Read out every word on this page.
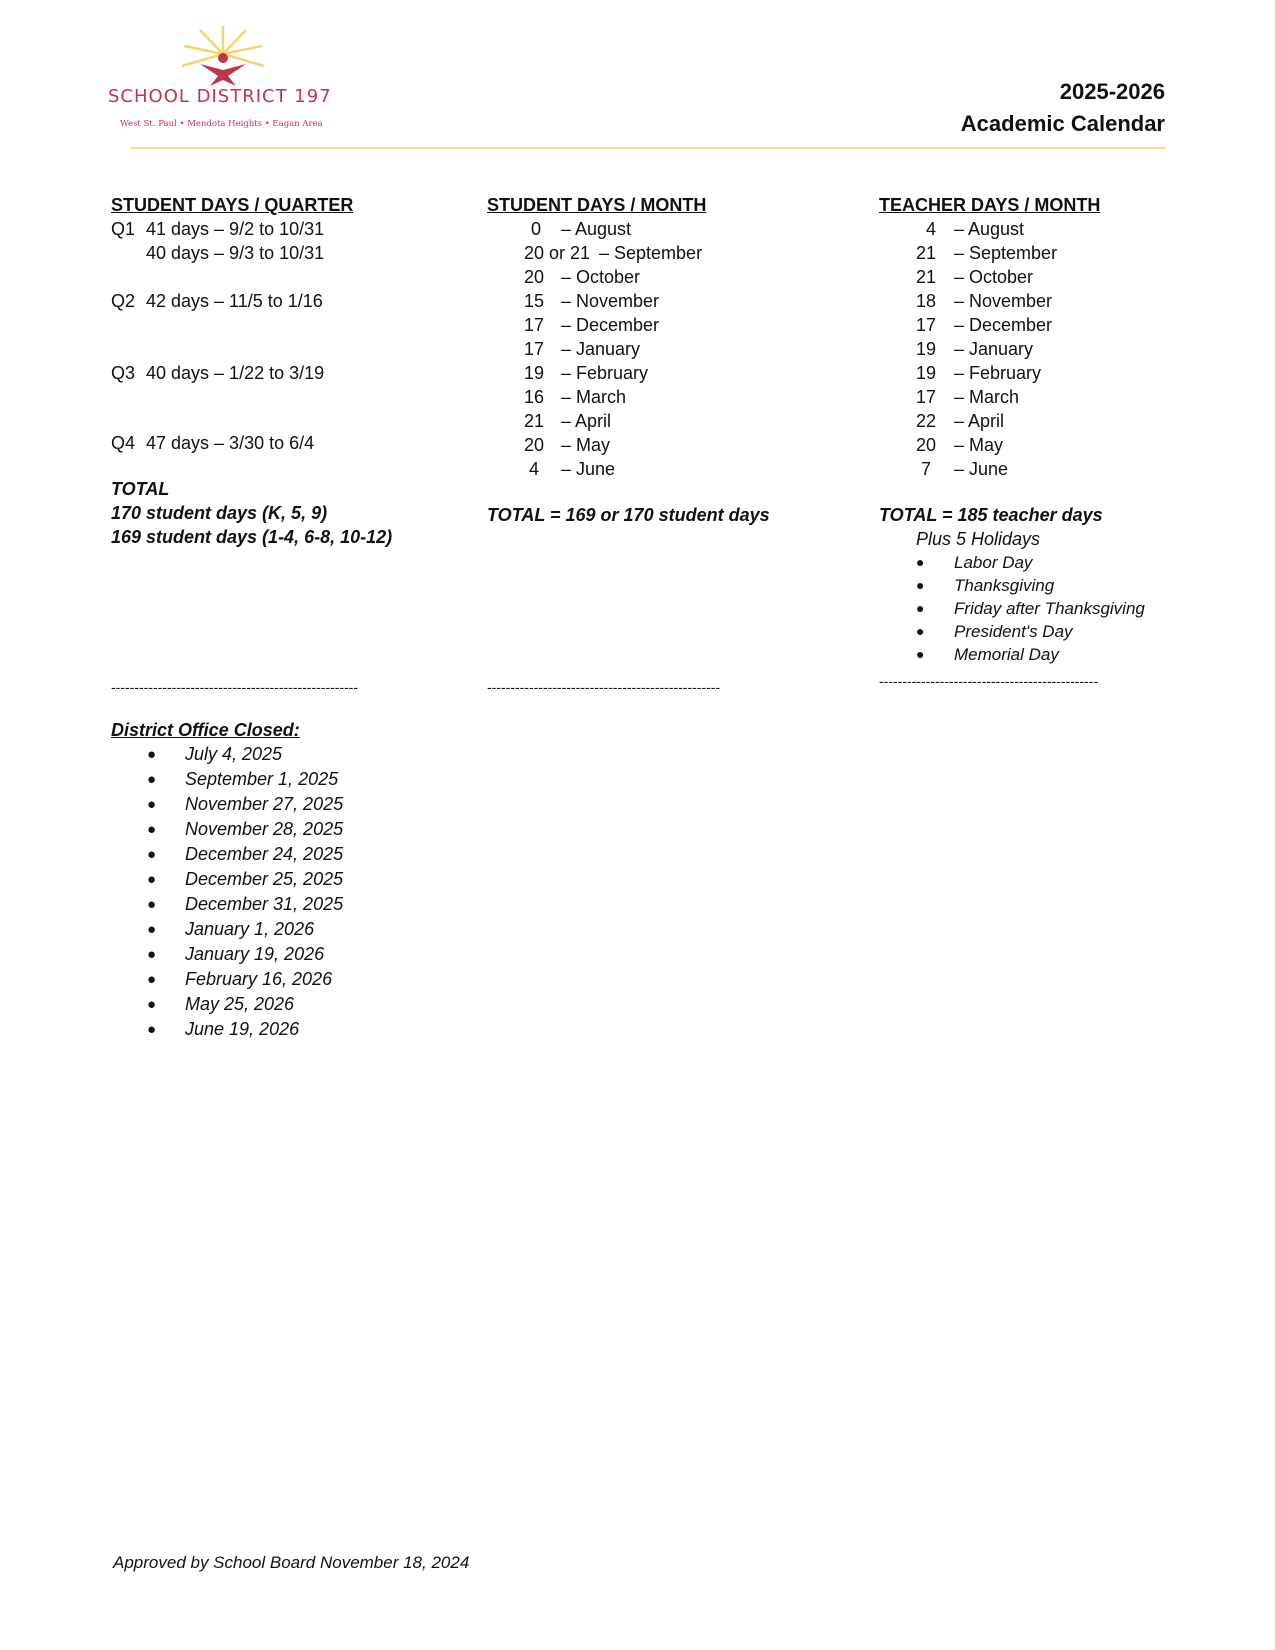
SCHOOL DISTRICT 197
West St. Paul • Mendota Heights • Eagan Area
2025-2026
Academic Calendar
STUDENT DAYS / QUARTER
Q1 41 days – 9/2 to 10/31
40 days – 9/3 to 10/31
Q2 42 days – 11/5 to 1/16
Q3 40 days – 1/22 to 3/19
Q4 47 days – 3/30 to 6/4
TOTAL
170 student days (K, 5, 9)
169 student days (1-4, 6-8, 10-12)
-----------------------------------------------------
STUDENT DAYS / MONTH
0 – August
20 or 21 – September
20 – October
15 – November
17 – December
17 – January
19 – February
16 – March
21 – April
20 – May
4 – June
TOTAL = 169 or 170 student days
--------------------------------------------------
TEACHER DAYS / MONTH
4 – August
21 – September
21 – October
18 – November
17 – December
19 – January
19 – February
17 – March
22 – April
20 – May
7 – June
TOTAL = 185 teacher days
Plus 5 Holidays
● Labor Day
● Thanksgiving
● Friday after Thanksgiving
● President's Day
● Memorial Day
-----------------------------------------------
District Office Closed:
● July 4, 2025
● September 1, 2025
● November 27, 2025
● November 28, 2025
● December 24, 2025
● December 25, 2025
● December 31, 2025
● January 1, 2026
● January 19, 2026
● February 16, 2026
● May 25, 2026
● June 19, 2026
Approved by School Board November 18, 2024
